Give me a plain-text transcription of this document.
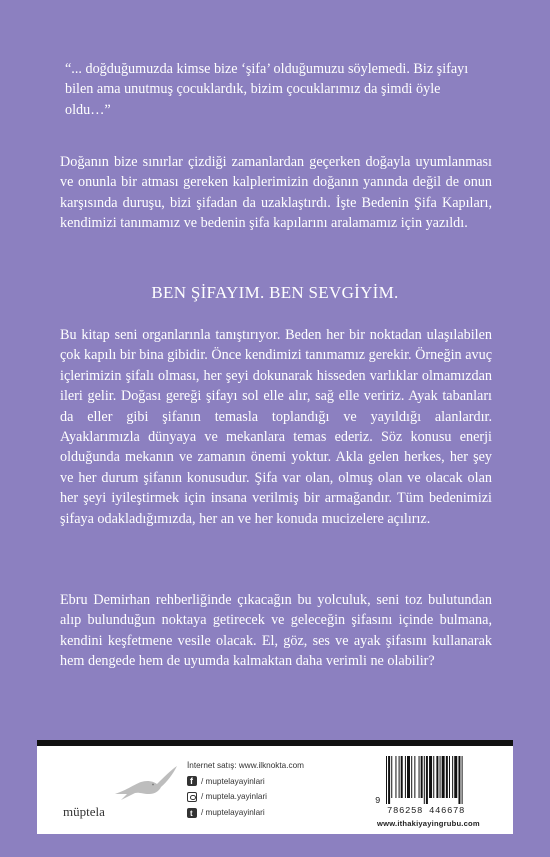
“... doğduğumuzda kimse bize ‘şifa’ olduğumuzu söylemedi. Biz şifayı bilen ama unutmuş çocuklardık, bizim çocuklarımız da şimdi öyle oldu…”

Doğanın bize sınırlar çizdiği zamanlardan geçerken doğayla uyumlanması ve onunla bir atması gereken kalplerimizin doğanın yanında değil de onun karşısında duruşu, bizi şifadan da uzaklaştırdı. İşte Bedenin Şifa Kapıları, kendimizi tanımamız ve bedenin şifa kapılarını aralamamız için yazıldı.

BEN ŞİFAYIM. BEN SEVGİYİM.

Bu kitap seni organlarınla tanıştırıyor. Beden her bir noktadan ulaşılabilen çok kapılı bir bina gibidir. Önce kendimizi tanımamız gerekir. Örneğin avuç içlerimizin şifalı olması, her şeyi dokunarak hisseden varlıklar olmamızdan ileri gelir. Doğası gereği şifayı sol elle alır, sağ elle veririz. Ayak tabanları da eller gibi şifanın temasla toplandığı ve yayıldığı alanlardır. Ayaklarımızla dünyaya ve mekanlara temas ederiz. Söz konusu enerji olduğunda mekanın ve zamanın önemi yoktur. Akla gelen herkes, her şey ve her durum şifanın konusudur. Şifa var olan, olmuş olan ve olacak olan her şeyi iyileştirmek için insana verilmiş bir armağandır. Tüm bedenimizi şifaya odakladığımızda, her an ve her konuda mucizelere açılırız.

Ebru Demirhan rehberliğinde çıkacağın bu yolculuk, seni toz bulutundan alıp bulunduğun noktaya getirecek ve geleceğin şifasını içinde bulmana, kendini keşfetmene vesile olacak. El, göz, ses ve ayak şifasını kullanarak hem dengede hem de uyumda kalmaktan daha verimli ne olabilir?

müptela
İnternet satış: www.ilknokta.com
f
/ muptelayayinlari
/ muptela.yayinlari
t
/ muptelayayinlari
9
786258 446678
www.ithakiyayingrubu.com
